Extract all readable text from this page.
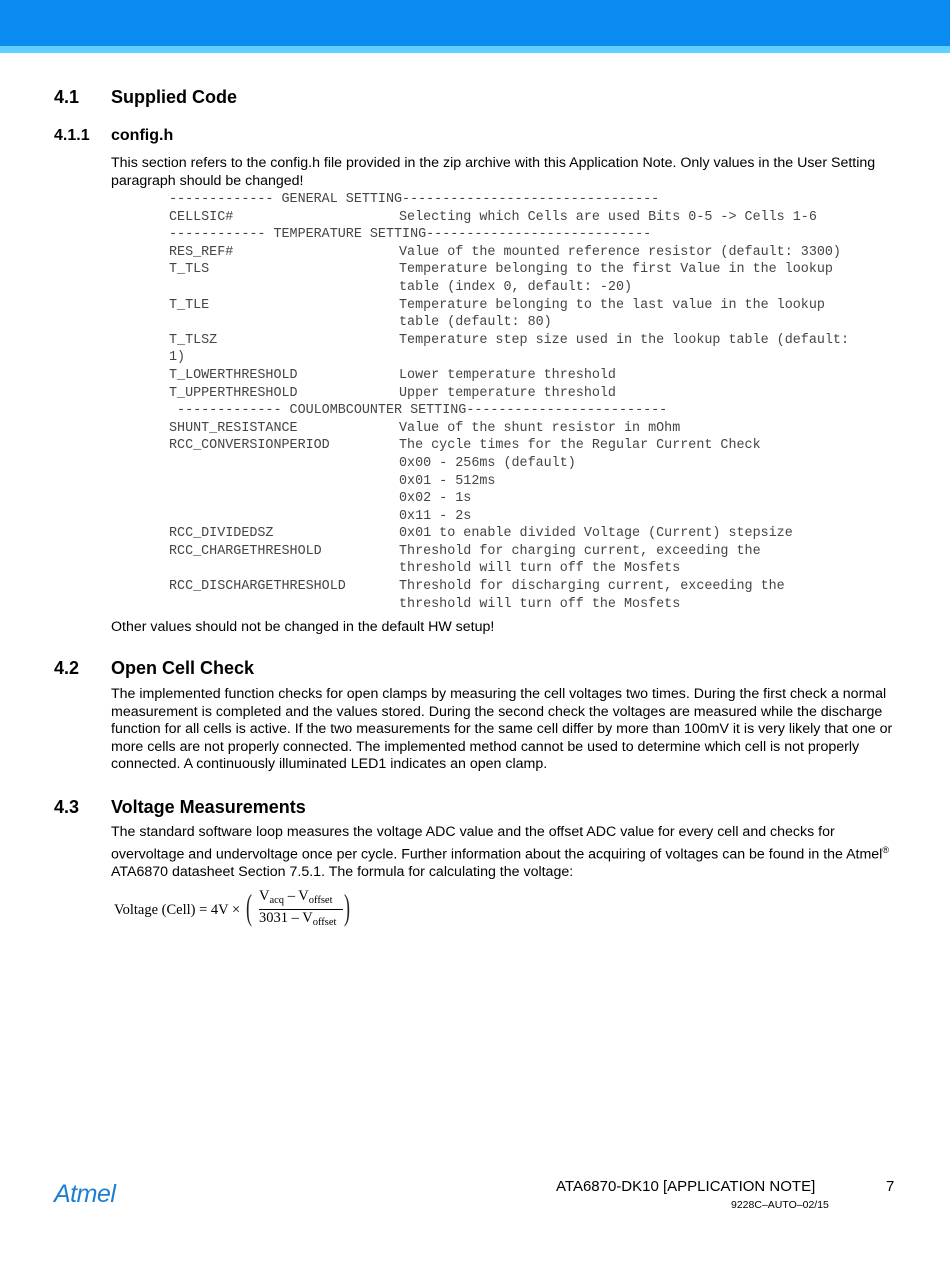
4.1 Supplied Code
4.1.1 config.h

This section refers to the config.h file provided in the zip archive with this Application Note. Only values in the User Setting paragraph should be changed!

------------- GENERAL SETTING--------------------------------
CELLSIC#	Selecting which Cells are used Bits 0-5 -> Cells 1-6
------------ TEMPERATURE SETTING----------------------------
RES_REF#	Value of the mounted reference resistor (default: 3300)
T_TLS	Temperature belonging to the first Value in the lookup
table (index 0, default: -20)
T_TLE	Temperature belonging to the last value in the lookup
table (default: 80)
T_TLSZ	Temperature step size used in the lookup table (default:
1)
T_LOWERTHRESHOLD	Lower temperature threshold
T_UPPERTHRESHOLD	Upper temperature threshold
------------- COULOMBCOUNTER SETTING-------------------------
SHUNT_RESISTANCE	Value of the shunt resistor in mOhm
RCC_CONVERSIONPERIOD	The cycle times for the Regular Current Check
0x00 - 256ms (default)
0x01 - 512ms
0x02 - 1s
0x11 - 2s
RCC_DIVIDEDSZ	0x01 to enable divided Voltage (Current) stepsize
RCC_CHARGETHRESHOLD	Threshold for charging current, exceeding the
threshold will turn off the Mosfets
RCC_DISCHARGETHRESHOLD	Threshold for discharging current, exceeding the
threshold will turn off the Mosfets

Other values should not be changed in the default HW setup!

4.2 Open Cell Check

The implemented function checks for open clamps by measuring the cell voltages two times. During the first check a normal measurement is completed and the values stored. During the second check the voltages are measured while the discharge function for all cells is active. If the two measurements for the same cell differ by more than 100mV it is very likely that one or more cells are not properly connected. The implemented method cannot be used to determine which cell is not properly connected. A continuously illuminated LED1 indicates an open clamp.

4.3 Voltage Measurements

The standard software loop measures the voltage ADC value and the offset ADC value for every cell and checks for overvoltage and undervoltage once per cycle. Further information about the acquiring of voltages can be found in the Atmel® ATA6870 datasheet Section 7.5.1. The formula for calculating the voltage:

Voltage (Cell) = 4V × ( $V_{acq} - V_{offset}$
$3031 - V_{offset}$ )
Atmel	ATA6870-DK10 [APPLICATION NOTE]	7
9228C–AUTO–02/15
